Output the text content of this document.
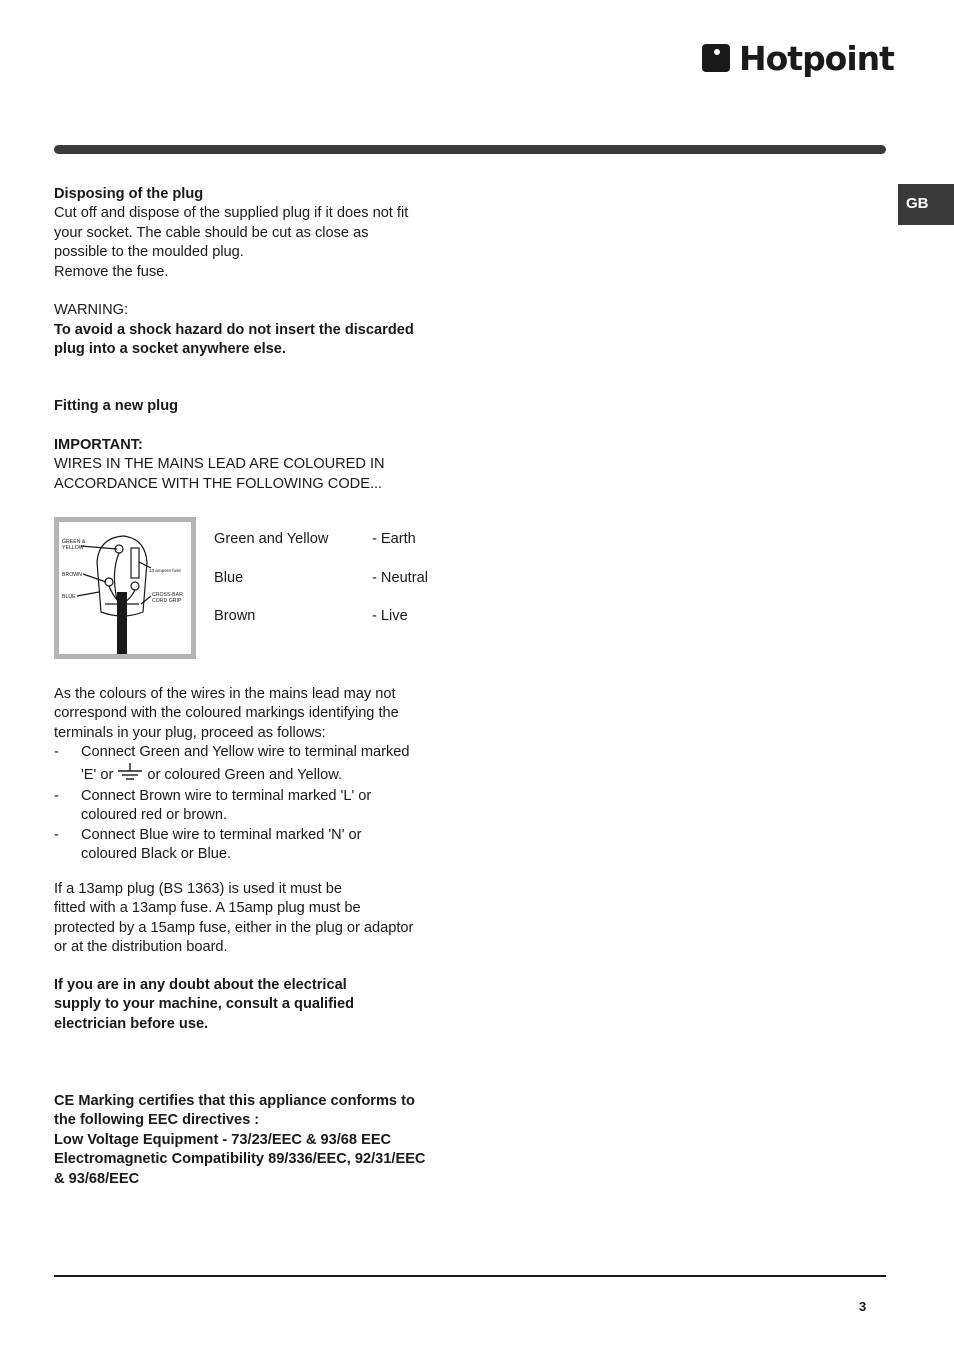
Hotpoint
GB

Disposing of the plug

Cut off and dispose of the supplied plug if it does not fit

your socket. The cable should be cut as close as

possible to the moulded plug.

Remove the fuse.

WARNING:

To avoid a shock hazard do not insert the discarded

plug into a socket anywhere else.

Fitting a new plug

IMPORTANT:

WIRES IN THE MAINS LEAD ARE COLOURED IN

ACCORDANCE WITH THE FOLLOWING CODE...

GREEN &
YELLOW
BROWN
BLUE
13 ampere fuse
CROSS-BAR
CORD GRIP
Green and Yellow	- Earth
Blue	- Neutral
Brown	- Live

As the colours of the wires in the mains lead may not

correspond with the coloured markings identifying the

terminals in your plug, proceed as follows:

- Connect Green and Yellow wire to terminal marked
'E' or or coloured Green and Yellow.
- Connect Brown wire to terminal marked 'L' or
coloured red or brown.
- Connect Blue wire to terminal marked 'N' or
coloured Black or Blue.

If a 13amp plug (BS 1363) is used it must be

fitted with a 13amp fuse. A 15amp plug must be

protected by a 15amp fuse, either in the plug or adaptor

or at the distribution board.

If you are in any doubt about the electrical

supply to your machine, consult a qualified

electrician before use.

CE Marking certifies that this appliance conforms to

the following EEC directives :

Low Voltage Equipment - 73/23/EEC & 93/68 EEC

Electromagnetic Compatibility 89/336/EEC, 92/31/EEC

& 93/68/EEC

3
